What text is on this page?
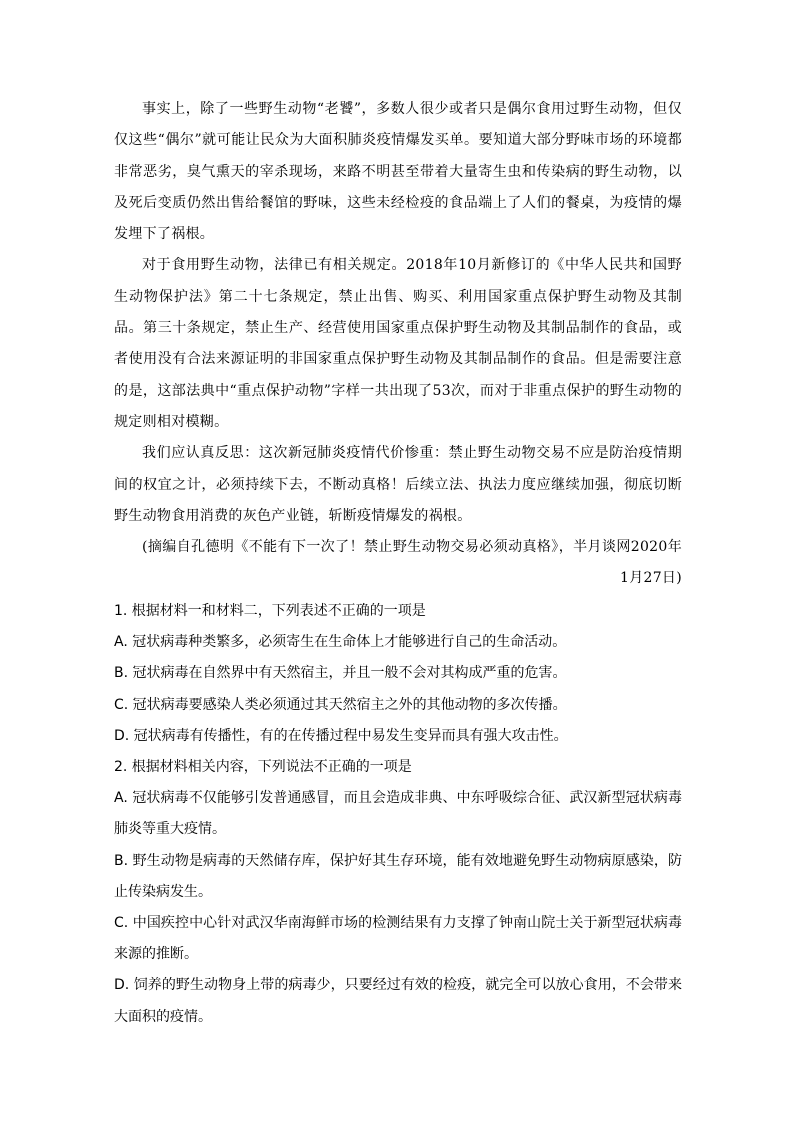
事实上，除了一些野生动物“老饕”，多数人很少或者只是偶尔食用过野生动物，但仅仅这些“偶尔”就可能让民众为大面积肺炎疫情爆发买单。要知道大部分野味市场的环境都非常恶劣，臭气熏天的宰杀现场，来路不明甚至带着大量寄生虫和传染病的野生动物，以及死后变质仍然出售给餐馆的野味，这些未经检疫的食品端上了人们的餐桌，为疫情的爆发埋下了祸根。

对于食用野生动物，法律已有相关规定。2018年10月新修订的《中华人民共和国野生动物保护法》第二十七条规定，禁止出售、购买、利用国家重点保护野生动物及其制品。第三十条规定，禁止生产、经营使用国家重点保护野生动物及其制品制作的食品，或者使用没有合法来源证明的非国家重点保护野生动物及其制品制作的食品。但是需要注意的是，这部法典中“重点保护动物”字样一共出现了53次，而对于非重点保护的野生动物的规定则相对模糊。

我们应认真反思：这次新冠肺炎疫情代价惨重：禁止野生动物交易不应是防治疫情期间的权宜之计，必须持续下去，不断动真格！后续立法、执法力度应继续加强，彻底切断野生动物食用消费的灰色产业链，斩断疫情爆发的祸根。

(摘编自孔德明《不能有下一次了！禁止野生动物交易必须动真格》，半月谈网2020年1月27日)

1. 根据材料一和材料二，下列表述不正确的一项是

A. 冠状病毒种类繁多，必须寄生在生命体上才能够进行自己的生命活动。

B. 冠状病毒在自然界中有天然宿主，并且一般不会对其构成严重的危害。

C. 冠状病毒要感染人类必须通过其天然宿主之外的其他动物的多次传播。

D. 冠状病毒有传播性，有的在传播过程中易发生变异而具有强大攻击性。

2. 根据材料相关内容，下列说法不正确的一项是

A. 冠状病毒不仅能够引发普通感冒，而且会造成非典、中东呼吸综合征、武汉新型冠状病毒肺炎等重大疫情。

B. 野生动物是病毒的天然储存库，保护好其生存环境，能有效地避免野生动物病原感染，防止传染病发生。

C. 中国疾控中心针对武汉华南海鲜市场的检测结果有力支撑了钟南山院士关于新型冠状病毒来源的推断。

D. 饲养的野生动物身上带的病毒少，只要经过有效的检疫，就完全可以放心食用，不会带来大面积的疫情。
